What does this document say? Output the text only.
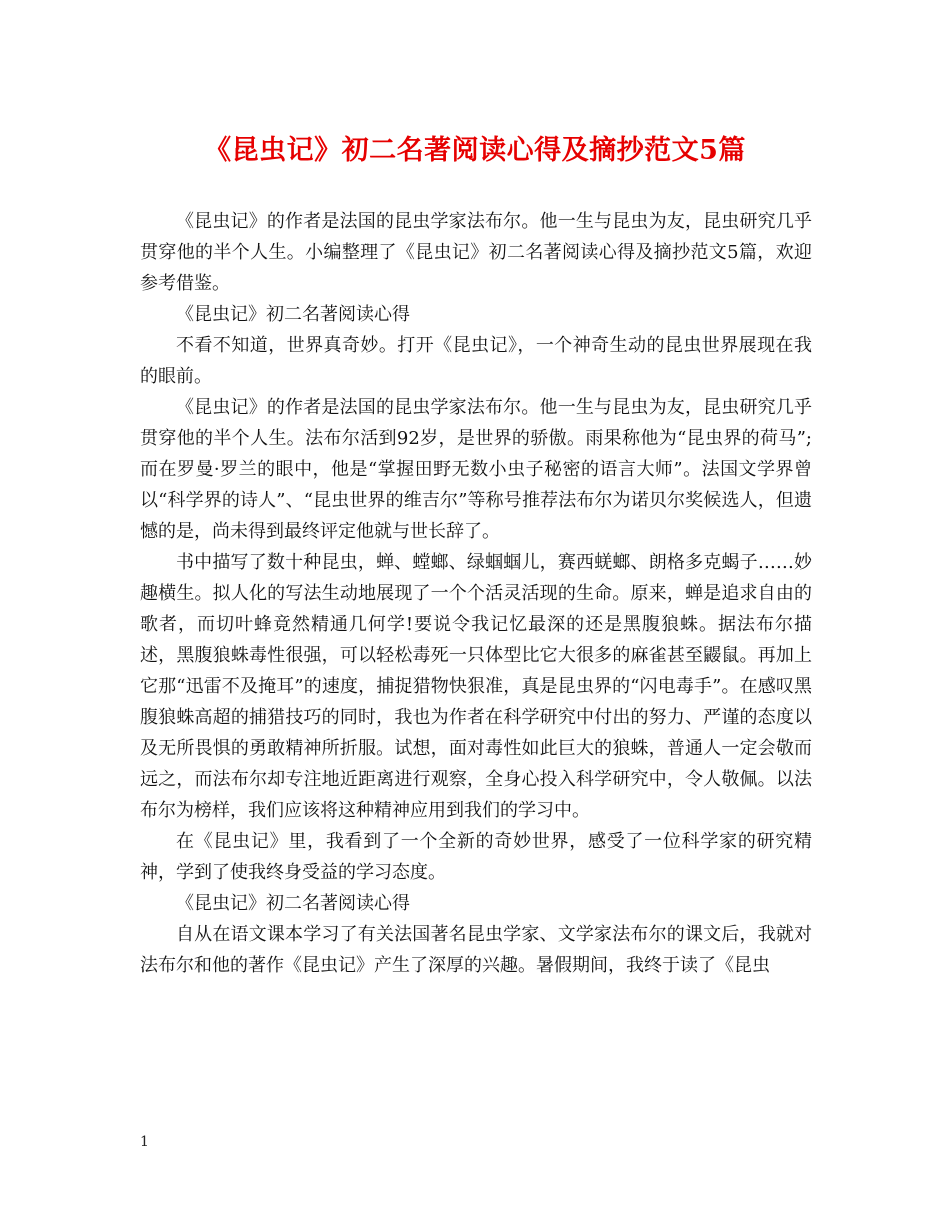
《昆虫记》初二名著阅读心得及摘抄范文5篇

《昆虫记》的作者是法国的昆虫学家法布尔。他一生与昆虫为友，昆虫研究几乎贯穿他的半个人生。小编整理了《昆虫记》初二名著阅读心得及摘抄范文5篇，欢迎参考借鉴。

《昆虫记》初二名著阅读心得

不看不知道，世界真奇妙。打开《昆虫记》，一个神奇生动的昆虫世界展现在我的眼前。

《昆虫记》的作者是法国的昆虫学家法布尔。他一生与昆虫为友，昆虫研究几乎贯穿他的半个人生。法布尔活到92岁，是世界的骄傲。雨果称他为“昆虫界的荷马”;而在罗曼·罗兰的眼中，他是“掌握田野无数小虫子秘密的语言大师”。法国文学界曾以“科学界的诗人”、“昆虫世界的维吉尔”等称号推荐法布尔为诺贝尔奖候选人，但遗憾的是，尚未得到最终评定他就与世长辞了。

书中描写了数十种昆虫，蝉、螳螂、绿蝈蝈儿，赛西蜣螂、朗格多克蝎子……妙趣横生。拟人化的写法生动地展现了一个个活灵活现的生命。原来，蝉是追求自由的歌者，而切叶蜂竟然精通几何学!要说令我记忆最深的还是黑腹狼蛛。据法布尔描述，黑腹狼蛛毒性很强，可以轻松毒死一只体型比它大很多的麻雀甚至鼹鼠。再加上它那“迅雷不及掩耳”的速度，捕捉猎物快狠准，真是昆虫界的“闪电毒手”。在感叹黑腹狼蛛高超的捕猎技巧的同时，我也为作者在科学研究中付出的努力、严谨的态度以及无所畏惧的勇敢精神所折服。试想，面对毒性如此巨大的狼蛛，普通人一定会敬而远之，而法布尔却专注地近距离进行观察，全身心投入科学研究中，令人敬佩。以法布尔为榜样，我们应该将这种精神应用到我们的学习中。

在《昆虫记》里，我看到了一个全新的奇妙世界，感受了一位科学家的研究精神，学到了使我终身受益的学习态度。

《昆虫记》初二名著阅读心得

自从在语文课本学习了有关法国著名昆虫学家、文学家法布尔的课文后，我就对法布尔和他的著作《昆虫记》产生了深厚的兴趣。暑假期间，我终于读了《昆虫

1
